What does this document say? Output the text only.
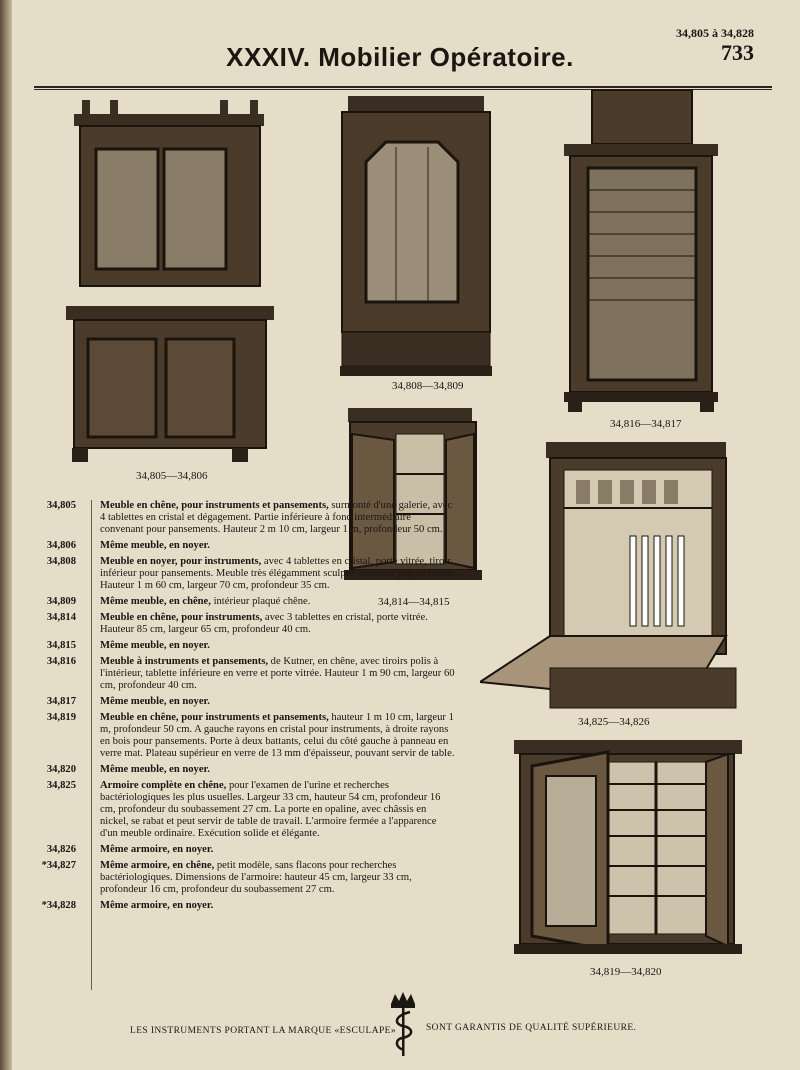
34,805 à 34,828
733
XXXIV. Mobilier Opératoire.
34,805—34,806
34,808—34,809
34,816—34,817
34,814—34,815
34,825—34,826
34,819—34,820
34,805 Meuble en chêne, pour instruments et pansements, surmonté d'une galerie, avec 4 tablettes en cristal et dégagement. Partie inférieure à fond intermédiaire convenant pour pansements. Hauteur 2 m 10 cm, largeur 1 m, profondeur 50 cm.
34,806 Même meuble, en noyer.
34,808 Meuble en noyer, pour instruments, avec 4 tablettes en cristal, porte vitrée, tiroir inférieur pour pansements. Meuble très élégamment sculpté, intérieur plaqué chêne. Hauteur 1 m 60 cm, largeur 70 cm, profondeur 35 cm.
34,809 Même meuble, en chêne, intérieur plaqué chêne.
34,814 Meuble en chêne, pour instruments, avec 3 tablettes en cristal, porte vitrée. Hauteur 85 cm, largeur 65 cm, profondeur 40 cm.
34,815 Même meuble, en noyer.
34,816 Meuble à instruments et pansements, de Kutner, en chêne, avec tiroirs polis à l'intérieur, tablette inférieure en verre et porte vitrée. Hauteur 1 m 90 cm, largeur 60 cm, profondeur 40 cm.
34,817 Même meuble, en noyer.
34,819 Meuble en chêne, pour instruments et pansements, hauteur 1 m 10 cm, largeur 1 m, profondeur 50 cm. A gauche rayons en cristal pour instruments, à droite rayons en bois pour pansements. Porte à deux battants, celui du côté gauche à panneau en verre mat. Plateau supérieur en verre de 13 mm d'épaisseur, pouvant servir de table.
34,820 Même meuble, en noyer.
34,825 Armoire complète en chêne, pour l'examen de l'urine et recherches bactériologiques les plus usuelles. Largeur 33 cm, hauteur 54 cm, profondeur 16 cm, profondeur du soubassement 27 cm. La porte en opaline, avec châssis en nickel, se rabat et peut servir de table de travail. L'armoire fermée a l'apparence d'un meuble ordinaire. Exécution solide et élégante.
34,826 Même armoire, en noyer.
*34,827 Même armoire, en chêne, petit modèle, sans flacons pour recherches bactériologiques. Dimensions de l'armoire: hauteur 45 cm, largeur 33 cm, profondeur 16 cm, profondeur du soubassement 27 cm.
*34,828 Même armoire, en noyer.
LES INSTRUMENTS PORTANT LA MARQUE «ESCULAPE»	SONT GARANTIS DE QUALITÉ SUPÉRIEURE.
